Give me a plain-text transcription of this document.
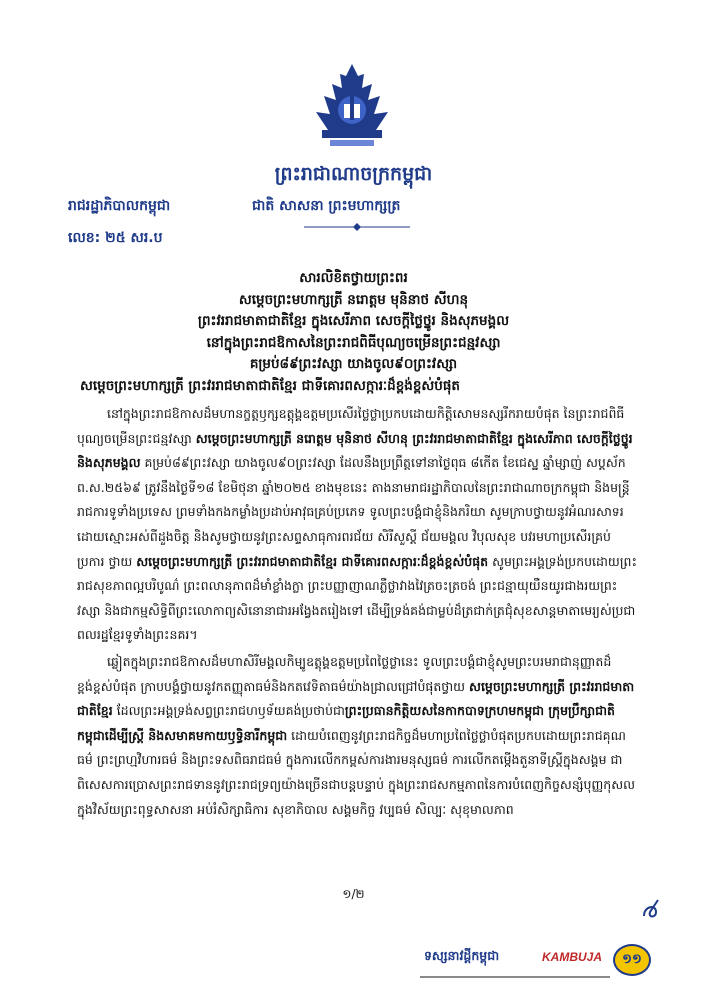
ព្រះរាជាណាចក្រកម្ពុជា
រាជរដ្ឋាភិបាលកម្ពុជា	ជាតិ សាសនា ព្រះមហាក្សត្រ
លេខ: ២៥ សរ.ប
សារលិខិតថ្វាយព្រះពរ
សម្តេចព្រះមហាក្សត្រី នរោត្តម មុនិនាថ សីហនុ
ព្រះវររាជមាតាជាតិខ្មែរ ក្នុងសេរីភាព សេចក្តីថ្លៃថ្នូរ និងសុភមង្គល
នៅក្នុងព្រះរាជឱកាសនៃព្រះរាជពិធីបុណ្យចម្រើនព្រះជន្មវស្សា
គម្រប់៨៩ព្រះវស្សា យាងចូល៩០ព្រះវស្សា
សម្តេចព្រះមហាក្សត្រី ព្រះវររាជមាតាជាតិខ្មែរ ជាទីគោរពសក្ការៈដ៏ខ្ពង់ខ្ពស់បំផុត

នៅក្នុងព្រះរាជឱកាសដ៏មហានក្ខត្តឫក្សឧត្តុង្គឧត្តមប្រសើរថ្លៃថ្លាប្រកបដោយកិត្តិសោមនស្សរីករាយបំផុត នៃព្រះរាជពិធីបុណ្យចម្រើនព្រះជន្មវស្សា សម្តេចព្រះមហាក្សត្រី នរោត្តម មុនិនាថ សីហនុ ព្រះវររាជមាតាជាតិខ្មែរ ក្នុងសេរីភាព សេចក្តីថ្លៃថ្នូរ និងសុភមង្គល គម្រប់៨៩ព្រះវស្សា យាងចូល៩០ព្រះវស្សា ដែលនឹងប្រព្រឹត្តទៅនាថ្ងៃពុធ ៨កើត ខែជេស្ឋ ឆ្នាំម្សាញ់ សប្តស័ក ព.ស.២៥៦៩ ត្រូវនឹងថ្ងៃទី១៨ ខែមិថុនា ឆ្នាំ២០២៥ ខាងមុខនេះ តាងនាមរាជរដ្ឋាភិបាលនៃព្រះរាជាណាចក្រកម្ពុជា និងមន្ត្រីរាជការទូទាំងប្រទេស ព្រមទាំងកងកម្លាំងប្រដាប់អាវុធគ្រប់ប្រភេទ ទូលព្រះបង្គំជាខ្ញុំនិងភរិយា សូមក្រាបថ្វាយនូវអំណរសាទរដោយស្មោះអស់ពីដួងចិត្ត និងសូមថ្វាយនូវព្រះសព្ទសាធុការពរជ័យ សិរីសួស្តី ជ័យមង្គល វិបុលសុខ បវរមហាប្រសើរគ្រប់ប្រការ ថ្វាយ សម្តេចព្រះមហាក្សត្រី ព្រះវររាជមាតាជាតិខ្មែរ ជាទីគោរពសក្ការៈដ៏ខ្ពង់ខ្ពស់បំផុត សូមព្រះអង្គទ្រង់ប្រកបដោយព្រះរាជសុខភាពល្អបរិបូណ៌ ព្រះពលានុភាពដ៏មាំខ្លាំងក្លា ព្រះបញ្ញាញាណភ្លឺថ្លាវាងវៃត្រចះត្រចង់ ព្រះជន្មាយុយឺនយូរជាងរយព្រះវស្សា និងជាកម្មសិទ្ធិពីព្រះលោកាព្យសិនោនាជារអង្វែងតរៀងទៅ ដើម្បីទ្រង់គង់ជាម្លប់ដ៏ត្រជាក់ត្រជុំសុខសាន្តមាតាមេរ្យស់ប្រជាពលរដ្ឋខ្មែរទូទាំងព្រះនគរ។

ឆ្លៀតក្នុងព្រះរាជឱកាសដ៏មហាសិរីមង្គលកិម្បូឧត្តុង្គឧត្តមប្រពៃថ្លៃថ្លានេះ ទូលព្រះបង្គំជាខ្ញុំសូមព្រះបរមរាជានុញ្ញាតដ៏ខ្ពង់ខ្ពស់បំផុត ក្រាបបង្គំថ្វាយនូវកតញ្ញុតាធម៌និងកតវេទិតាធម៌យ៉ាងជ្រាលជ្រៅបំផុតថ្វាយ សម្តេចព្រះមហាក្សត្រី ព្រះវររាជមាតាជាតិខ្មែរ ដែលព្រះអង្គទ្រង់សព្វព្រះរាជហឫទ័យគង់ប្រថាប់ជាព្រះប្រធានកិត្តិយសនៃកាកបាទក្រហមកម្ពុជា ក្រុមប្រឹក្សាជាតិកម្ពុជាដើម្បីស្ត្រី និងសមាគមកាយឫទ្ធិនារីកម្ពុជា ដោយបំពេញនូវព្រះរាជកិច្ចដ៏មហាប្រពៃថ្លៃថ្លាបំផុតប្រកបដោយព្រះរាជគុណធម៌ ព្រះព្រហ្មវិហារធម៌ និងព្រះទសពិធរាជធម៌ ក្នុងការលើកកម្ពស់ការងារមនុស្សធម៌ ការលើកតម្កើងតួនាទីស្ត្រីក្នុងសង្គម ជាពិសេសការប្រោសព្រះរាជទាននូវព្រះរាជទ្រព្យយ៉ាងច្រើនជាបន្តបន្ទាប់ ក្នុងព្រះរាជសកម្មភាពនៃការបំពេញកិច្ចសន្សំបុញ្ញកុសលក្នុងវិស័យព្រះពុទ្ធសាសនា អប់រំសិក្សាធិការ សុខាភិបាល សង្គមកិច្ច វប្បធម៌ សិល្បៈ សុខុមាលភាព

១/២
ទស្សនាវដ្តីកម្ពុជា	KAMBUJA	១១
